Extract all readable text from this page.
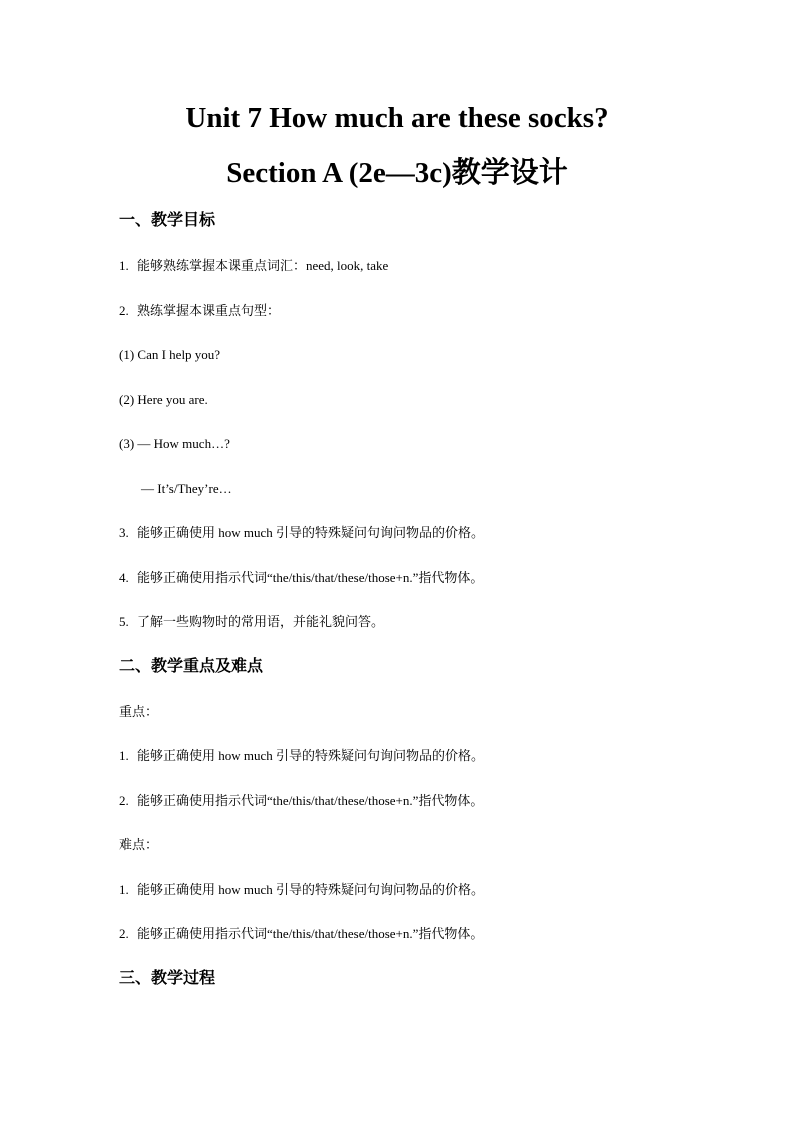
Unit 7 How much are these socks?
Section A (2e—3c)教学设计
一、教学目标
1. 能够熟练掌握本课重点词汇：need, look, take
2. 熟练掌握本课重点句型：
(1) Can I help you?
(2) Here you are.
(3) — How much…?
— It’s/They’re…
3. 能够正确使用 how much 引导的特殊疑问句询问物品的价格。
4. 能够正确使用指示代词“the/this/that/these/those+n.”指代物体。
5. 了解一些购物时的常用语，并能礼貌问答。
二、教学重点及难点
重点：
1. 能够正确使用 how much 引导的特殊疑问句询问物品的价格。
2. 能够正确使用指示代词“the/this/that/these/those+n.”指代物体。
难点：
1. 能够正确使用 how much 引导的特殊疑问句询问物品的价格。
2. 能够正确使用指示代词“the/this/that/these/those+n.”指代物体。
三、教学过程
